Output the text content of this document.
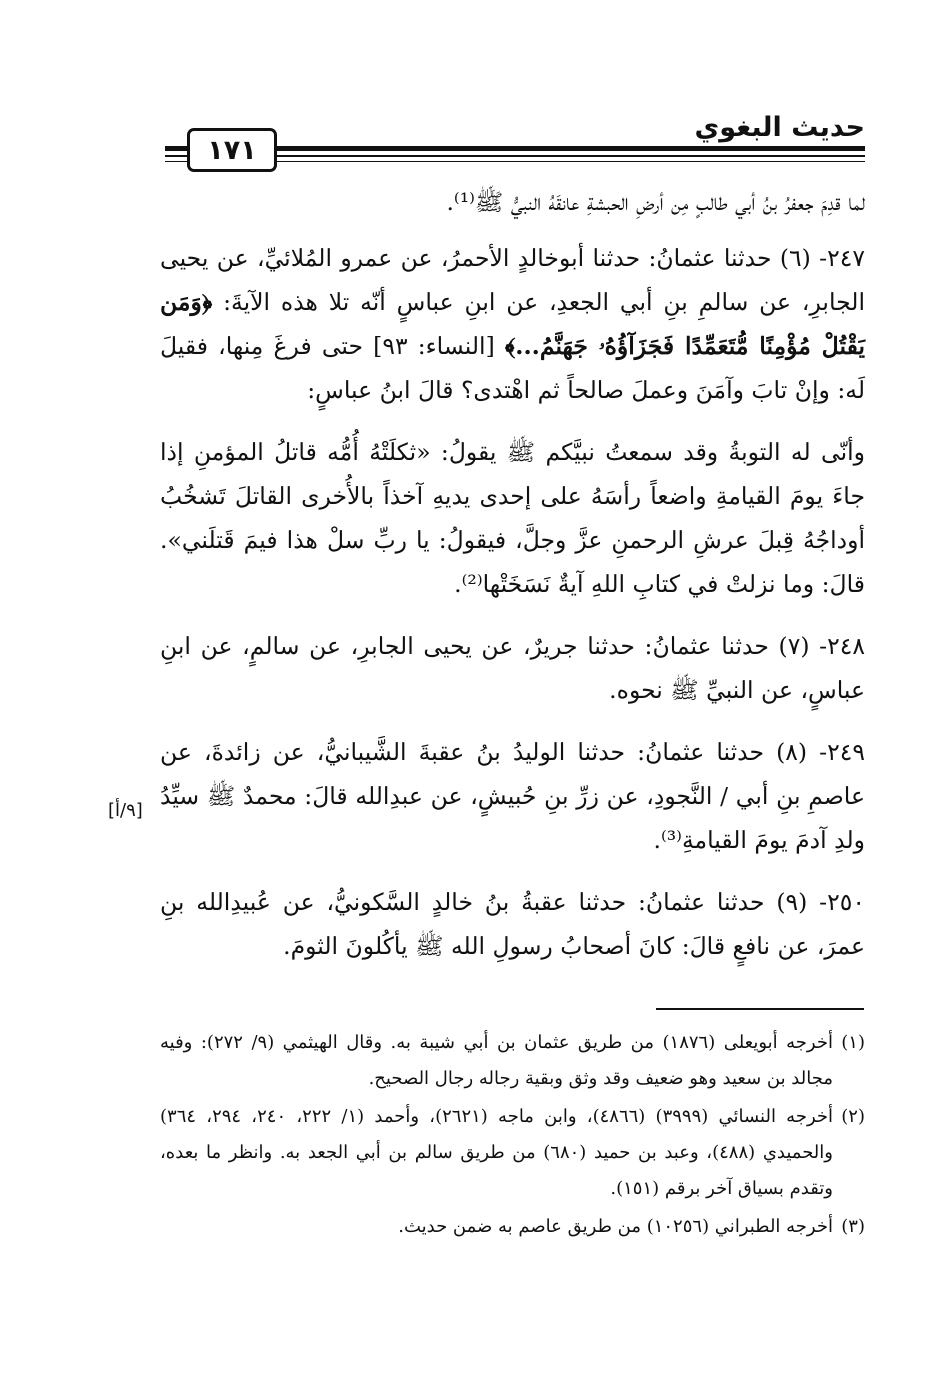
حديث البغوي
١٧١

لما قدِمَ جعفرُ بنُ أبي طالبٍ مِن أرضِ الحبشةِ عانقَهُ النبيُّ ﷺ⁽¹⁾.

٢٤٧- (٦) حدثنا عثمانُ: حدثنا أبوخالدٍ الأحمرُ، عن عمرو المُلائيِّ، عن يحيى الجابرِ، عن سالمِ بنِ أبي الجعدِ، عن ابنِ عباسٍ أنّه تلا هذه الآيةَ: ﴿وَمَن يَقْتُلْ مُؤْمِنًا مُّتَعَمِّدًا فَجَزَآؤُهُۥ جَهَنَّمُ...﴾ [النساء: ٩٣] حتى فرغَ مِنها، فقيلَ لَه: وإنْ تابَ وآمَنَ وعملَ صالحاً ثم اهْتدى؟ قالَ ابنُ عباسٍ:

وأنّى له التوبةُ وقد سمعتُ نبيَّكم ﷺ يقولُ: «ثكلَتْهُ أُمُّه قاتلُ المؤمنِ إذا جاءَ يومَ القيامةِ واضعاً رأسَهُ على إحدى يديهِ آخذاً بالأُخرى القاتلَ تَشخُبُ أوداجُهُ قِبلَ عرشِ الرحمنِ عزَّ وجلَّ، فيقولُ: يا ربِّ سلْ هذا فيمَ قَتلَني». قالَ: وما نزلتْ في كتابِ اللهِ آيةٌ نَسَخَتْها⁽²⁾.

٢٤٨- (٧) حدثنا عثمانُ: حدثنا جريرٌ، عن يحيى الجابرِ، عن سالمٍ، عن ابنِ عباسٍ، عن النبيِّ ﷺ نحوه.

٢٤٩- (٨) حدثنا عثمانُ: حدثنا الوليدُ بنُ عقبةَ الشَّيبانيُّ، عن زائدةَ، عن عاصمِ بنِ أبي / النَّجودِ، عن زرِّ بنِ حُبيشٍ، عن عبدِالله قالَ: محمدٌ ﷺ سيِّدُ ولدِ آدمَ يومَ القيامةِ⁽³⁾.

٢٥٠- (٩) حدثنا عثمانُ: حدثنا عقبةُ بنُ خالدٍ السَّكونيُّ، عن عُبيدِالله بنِ عمرَ، عن نافعٍ قالَ: كانَ أصحابُ رسولِ الله ﷺ يأكُلونَ الثومَ.

[٩/أ]

(١)
أخرجه أبويعلى (١٨٧٦) من طريق عثمان بن أبي شيبة به. وقال الهيثمي (٩/ ٢٧٢): وفيه مجالد بن سعيد وهو ضعيف وقد وثق وبقية رجاله رجال الصحيح.

(٢)
أخرجه النسائي (٣٩٩٩) (٤٨٦٦)، وابن ماجه (٢٦٢١)، وأحمد (١/ ٢٢٢، ٢٤٠، ٢٩٤، ٣٦٤) والحميدي (٤٨٨)، وعبد بن حميد (٦٨٠) من طريق سالم بن أبي الجعد به. وانظر ما بعده، وتقدم بسياق آخر برقم (١٥١).

(٣)
أخرجه الطبراني (١٠٢٥٦) من طريق عاصم به ضمن حديث.
